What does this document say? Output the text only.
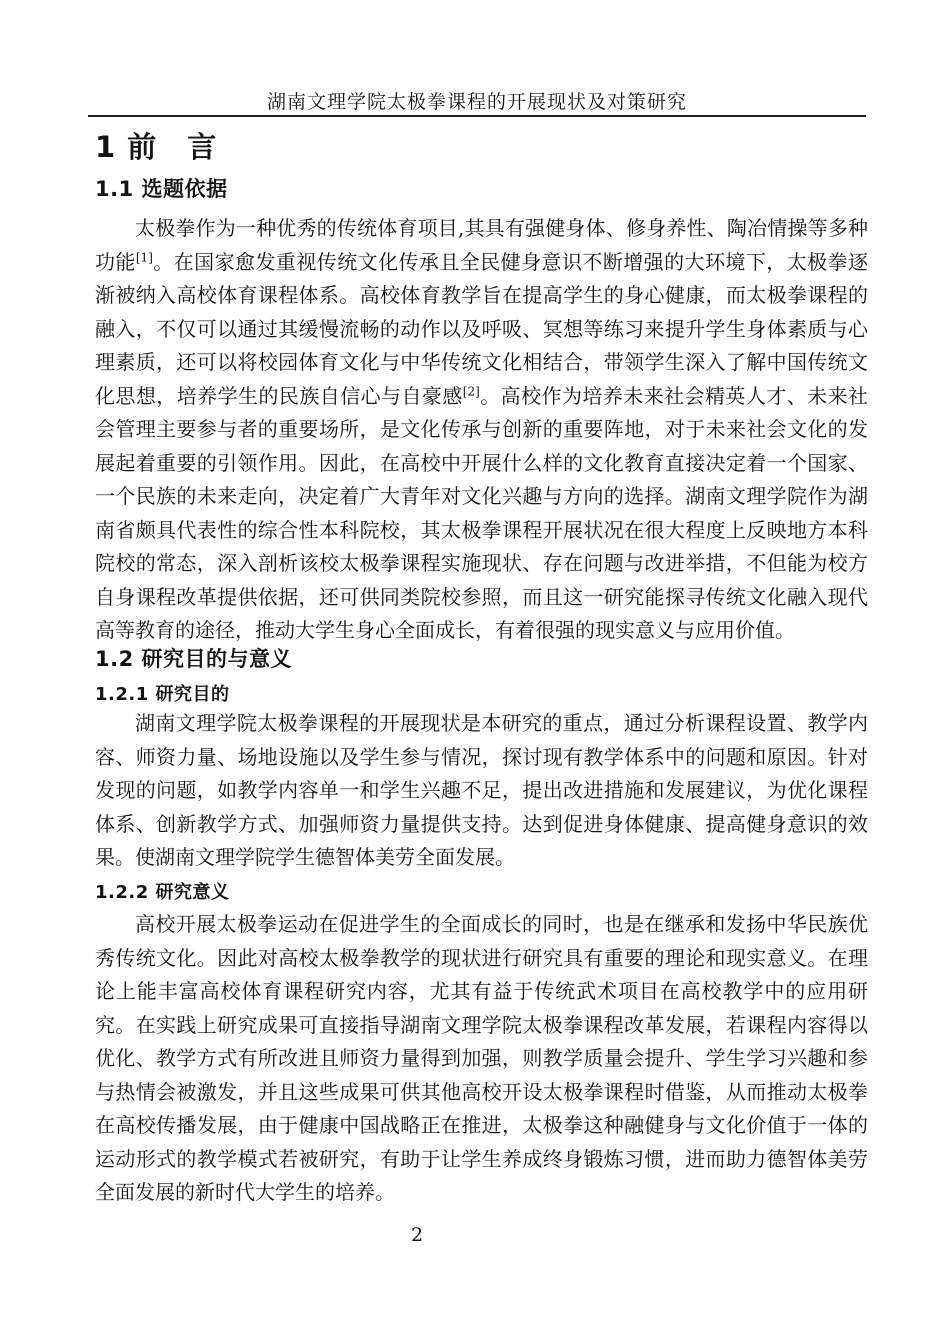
湖南文理学院太极拳课程的开展现状及对策研究
1 前　言
1.1 选题依据

太极拳作为一种优秀的传统体育项目,其具有强健身体、修身养性、陶冶情操等多种功能[1]。在国家愈发重视传统文化传承且全民健身意识不断增强的大环境下，太极拳逐渐被纳入高校体育课程体系。高校体育教学旨在提高学生的身心健康，而太极拳课程的融入，不仅可以通过其缓慢流畅的动作以及呼吸、冥想等练习来提升学生身体素质与心理素质，还可以将校园体育文化与中华传统文化相结合，带领学生深入了解中国传统文化思想，培养学生的民族自信心与自豪感[2]。高校作为培养未来社会精英人才、未来社会管理主要参与者的重要场所，是文化传承与创新的重要阵地，对于未来社会文化的发展起着重要的引领作用。因此，在高校中开展什么样的文化教育直接决定着一个国家、一个民族的未来走向，决定着广大青年对文化兴趣与方向的选择。湖南文理学院作为湖南省颇具代表性的综合性本科院校，其太极拳课程开展状况在很大程度上反映地方本科院校的常态，深入剖析该校太极拳课程实施现状、存在问题与改进举措，不但能为校方自身课程改革提供依据，还可供同类院校参照，而且这一研究能探寻传统文化融入现代高等教育的途径，推动大学生身心全面成长，有着很强的现实意义与应用价值。

1.2 研究目的与意义
1.2.1 研究目的

湖南文理学院太极拳课程的开展现状是本研究的重点，通过分析课程设置、教学内容、师资力量、场地设施以及学生参与情况，探讨现有教学体系中的问题和原因。针对发现的问题，如教学内容单一和学生兴趣不足，提出改进措施和发展建议，为优化课程体系、创新教学方式、加强师资力量提供支持。达到促进身体健康、提高健身意识的效果。使湖南文理学院学生德智体美劳全面发展。

1.2.2 研究意义

高校开展太极拳运动在促进学生的全面成长的同时，也是在继承和发扬中华民族优秀传统文化。因此对高校太极拳教学的现状进行研究具有重要的理论和现实意义。在理论上能丰富高校体育课程研究内容，尤其有益于传统武术项目在高校教学中的应用研究。在实践上研究成果可直接指导湖南文理学院太极拳课程改革发展，若课程内容得以优化、教学方式有所改进且师资力量得到加强，则教学质量会提升、学生学习兴趣和参与热情会被激发，并且这些成果可供其他高校开设太极拳课程时借鉴，从而推动太极拳在高校传播发展，由于健康中国战略正在推进，太极拳这种融健身与文化价值于一体的运动形式的教学模式若被研究，有助于让学生养成终身锻炼习惯，进而助力德智体美劳全面发展的新时代大学生的培养。

2
